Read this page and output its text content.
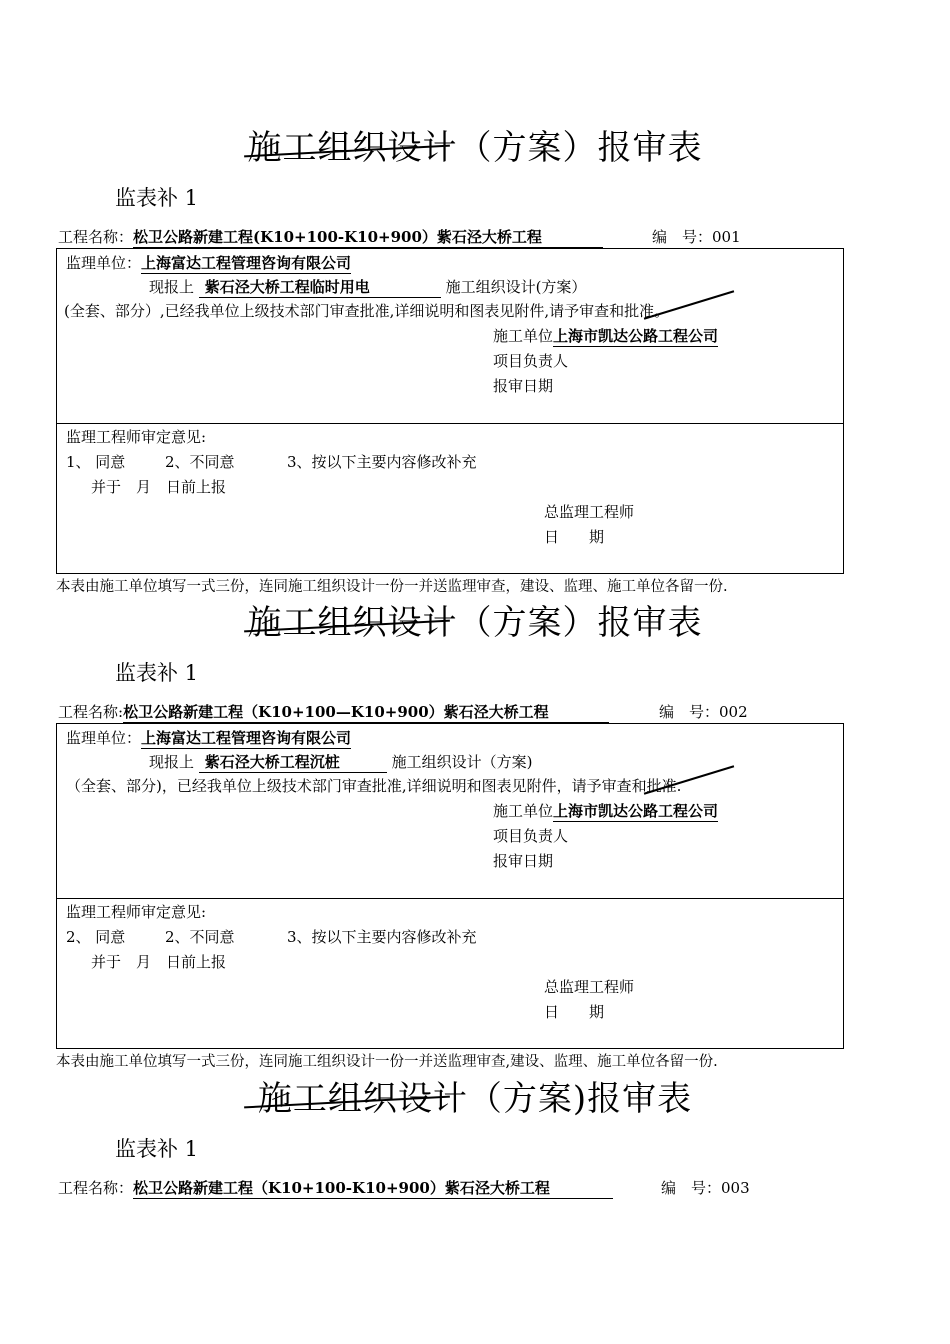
施工组织设计（方案）报审表
监表补 1
工程名称：松卫公路新建工程(K10+100-K10+900）紫石泾大桥工程	编　号：001
监理单位：上海富达工程管理咨询有限公司
现报上 紫石泾大桥工程临时用电	施工组织设计(方案）
(全套、部分）,已经我单位上级技术部门审查批准,详细说明和图表见附件,请予审查和批准。
施工单位上海市凯达公路工程公司
项目负责人
报审日期
监理工程师审定意见:
1、 同意	2、不同意	3、按以下主要内容修改补充
并于　月　日前上报
总监理工程师
日　　期
本表由施工单位填写一式三份，连同施工组织设计一份一并送监理审查，建设、监理、施工单位各留一份.
施工组织设计（方案）报审表
监表补 1
工程名称:松卫公路新建工程（K10+100—K10+900）紫石泾大桥工程	编　号：002
监理单位：上海富达工程管理咨询有限公司
现报上 紫石泾大桥工程沉桩	施工组织设计（方案)
（全套、部分)，已经我单位上级技术部门审查批准,详细说明和图表见附件，请予审查和批准.
施工单位上海市凯达公路工程公司
项目负责人
报审日期
监理工程师审定意见:
2、 同意	2、不同意	3、按以下主要内容修改补充
并于　月　日前上报
总监理工程师
日　　期
本表由施工单位填写一式三份，连同施工组织设计一份一并送监理审查,建设、监理、施工单位各留一份.
施工组织设计（方案)报审表
监表补 1
工程名称：松卫公路新建工程（K10+100-K10+900）紫石泾大桥工程	编　号：003
